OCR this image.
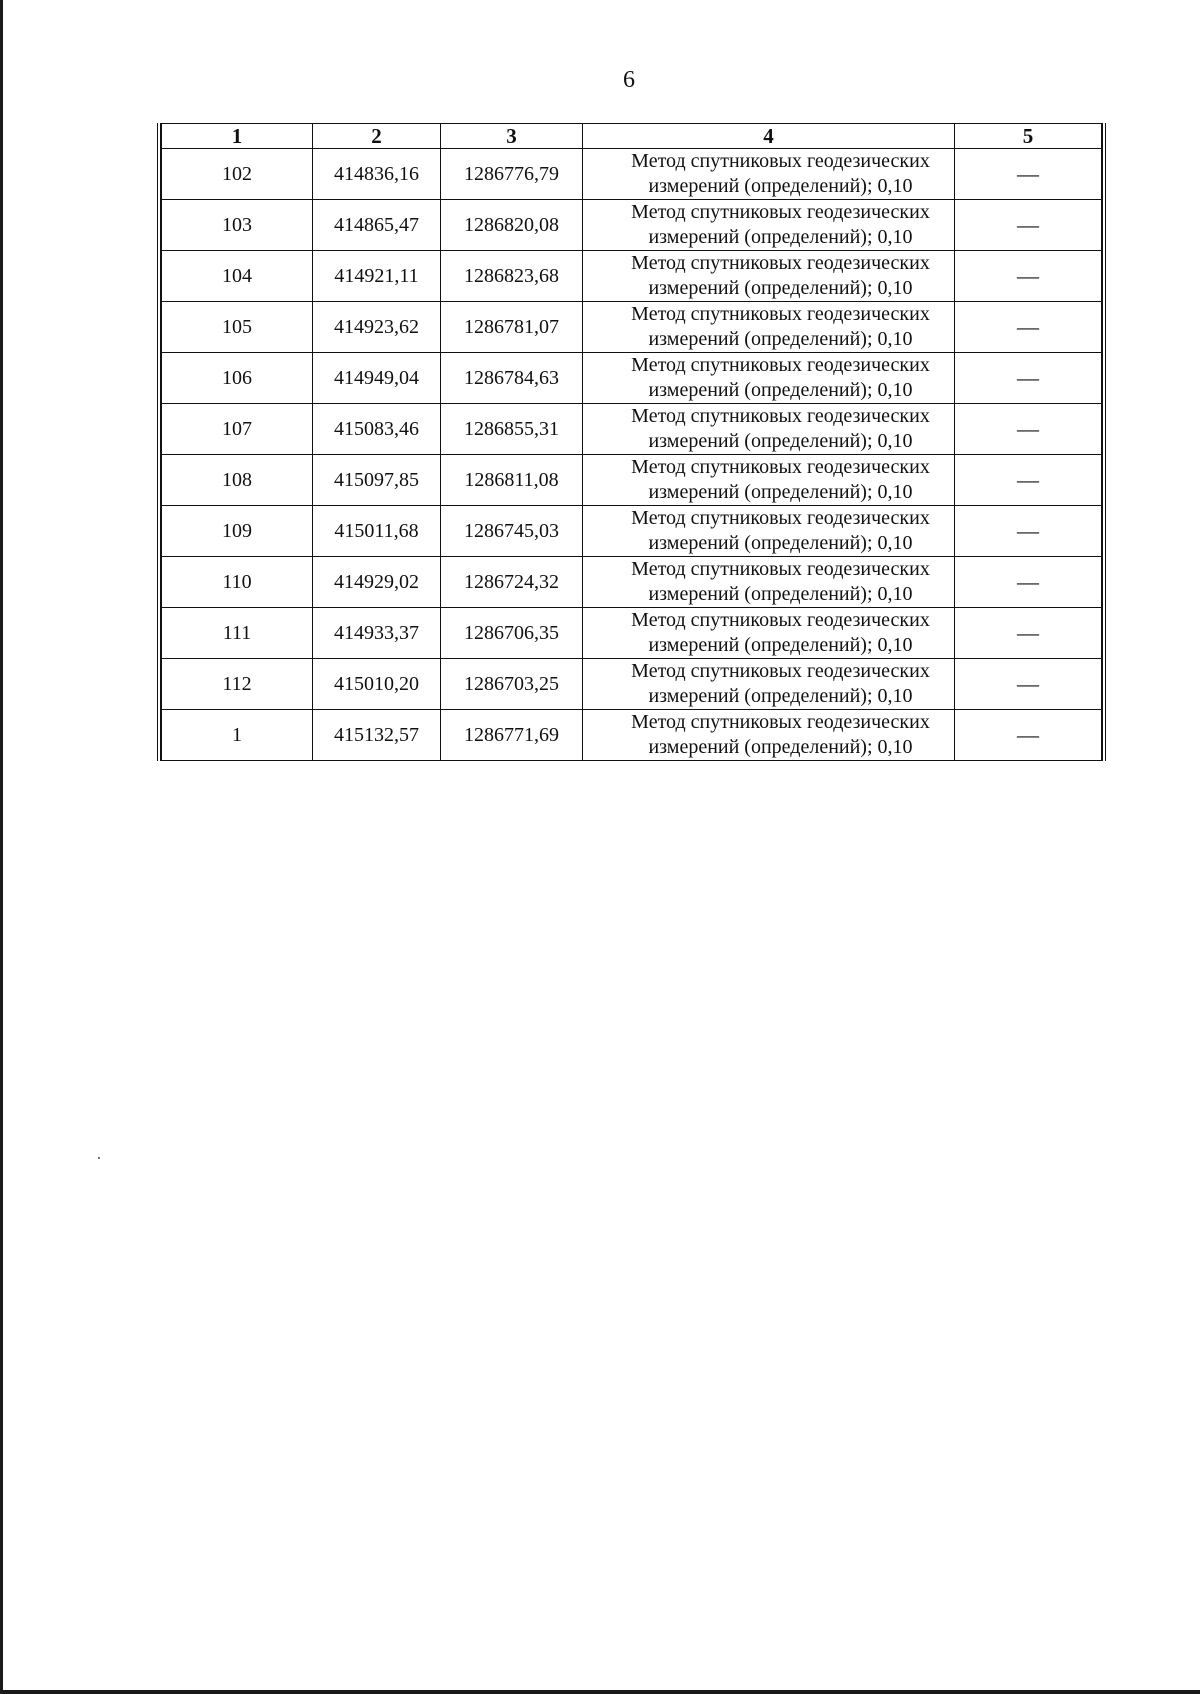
6
1	2	3	4	5
102	414836,16	1286776,79	Метод спутниковых геодезических
измерений (определений); 0,10	—
103	414865,47	1286820,08	Метод спутниковых геодезических
измерений (определений); 0,10	—
104	414921,11	1286823,68	Метод спутниковых геодезических
измерений (определений); 0,10	—
105	414923,62	1286781,07	Метод спутниковых геодезических
измерений (определений); 0,10	—
106	414949,04	1286784,63	Метод спутниковых геодезических
измерений (определений); 0,10	—
107	415083,46	1286855,31	Метод спутниковых геодезических
измерений (определений); 0,10	—
108	415097,85	1286811,08	Метод спутниковых геодезических
измерений (определений); 0,10	—
109	415011,68	1286745,03	Метод спутниковых геодезических
измерений (определений); 0,10	—
110	414929,02	1286724,32	Метод спутниковых геодезических
измерений (определений); 0,10	—
111	414933,37	1286706,35	Метод спутниковых геодезических
измерений (определений); 0,10	—
112	415010,20	1286703,25	Метод спутниковых геодезических
измерений (определений); 0,10	—
1	415132,57	1286771,69	Метод спутниковых геодезических
измерений (определений); 0,10	—
